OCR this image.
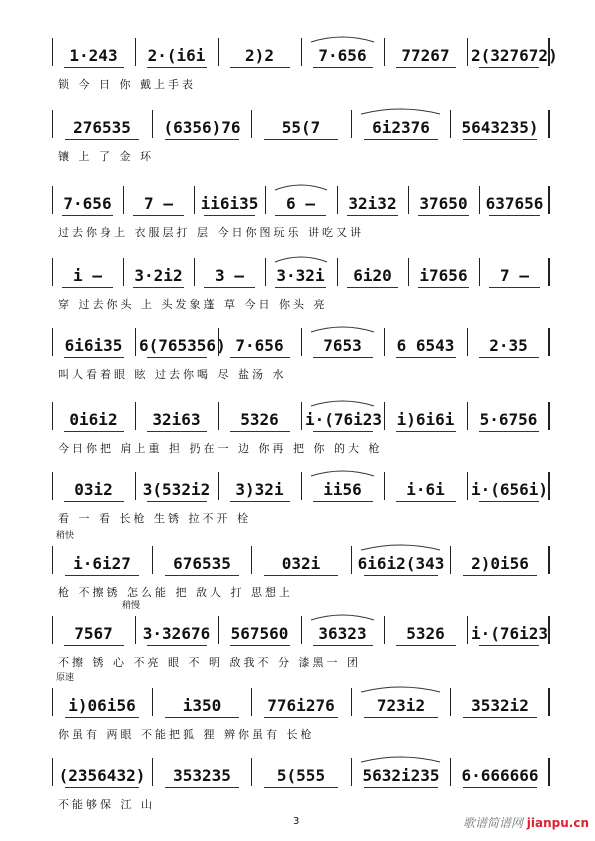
1·243 2·(i6i 2)2	7·656 77267 2(327672)
锁 今 日 你 戴上手表
276535 (6356)76	55(7	6i2376 5643235)
镶 上 了 金 环
7·656 7 – ii6i35 6 – 32i32 37650 637656
过去你身上 衣服层打 层 今日你图玩乐 讲吃又讲
i – 3·2i2 3 – 3·32i 6i20 i7656 7 –
穿 过去你头 上 头发象蓬 草 今日 你头 亮
6i6i35 6(765356) 7·656 7653 6 6543 2·35
叫人看着眼 眩 过去你喝 尽 盐汤 水
0i6i2 32i63 5326 i·(76i23 i)6i6i 5·6756
今日你把 肩上重 担 扔在一 边 你再 把 你 的大 枪
03i2 3(532i2 3)32i ii56	i·6i i·(656i)
看 一 看 长枪 生锈 拉不开 栓
i·6i27	676535	032i 6i6i2(343 2)0i56
枪 不擦锈 怎么能 把 敌人 打 思想上
稍快
7567 3·32676 567560 36323 5326 i·(76i23
不擦 锈 心 不亮 眼 不 明 敌我不 分 漆黑一 团
稍慢
i)06i56	i350	776i276	723i2	3532i2
你虽有 两眼 不能把狐 狸 辨你虽有 长枪
原速
(2356432) 353235	5(555 5632i235 6·666666
不能够保 江 山
3	歌谱简谱网 jianpu.cn
